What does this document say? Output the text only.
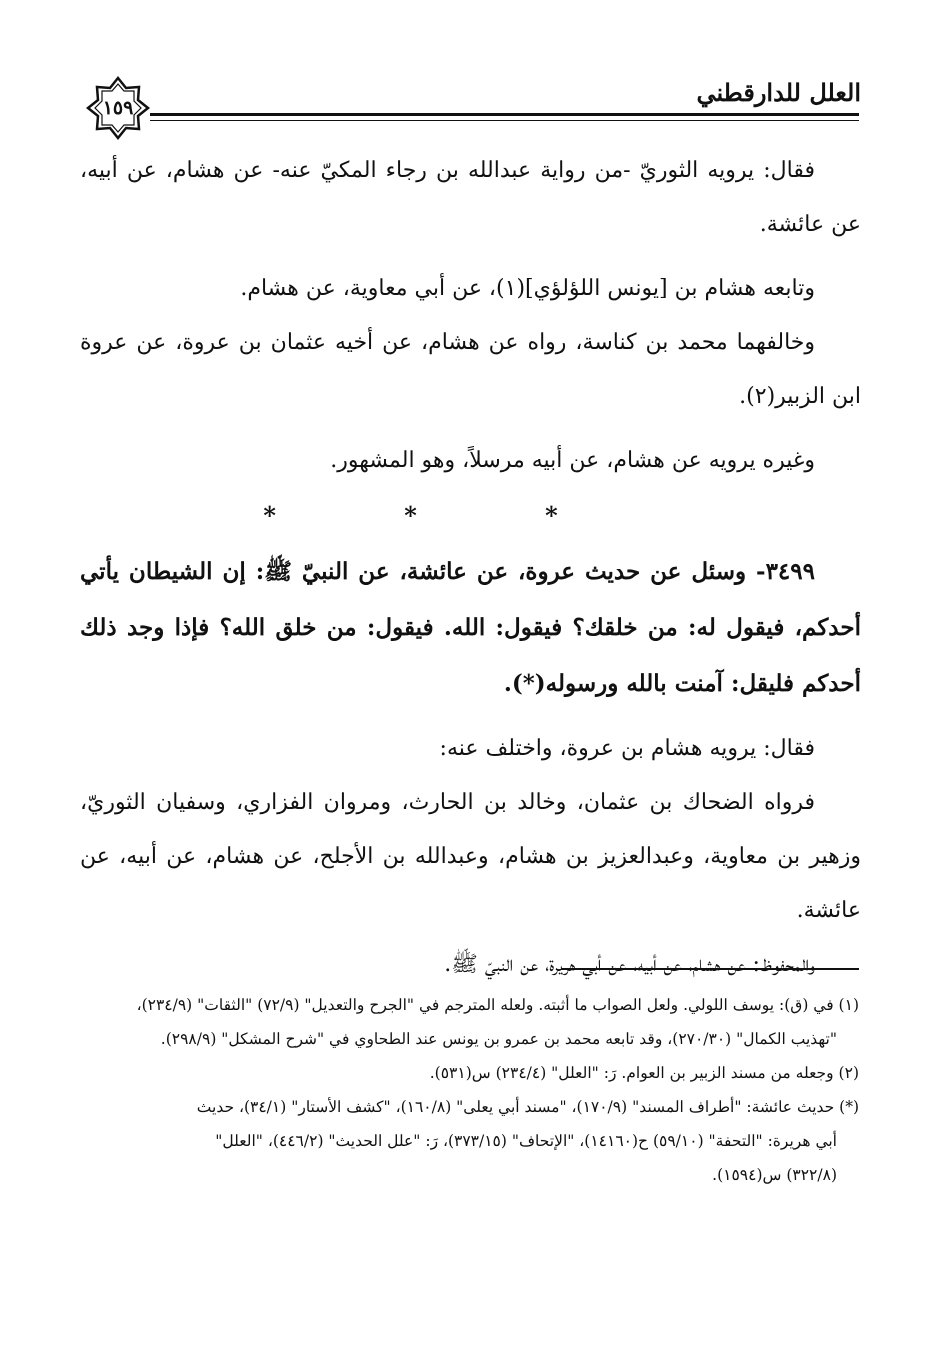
العلل للدارقطني
١٥٩

فقال: يرويه الثوريّ -من رواية عبدالله بن رجاء المكيّ عنه- عن هشام، عن أبيه، عن عائشة.

وتابعه هشام بن [يونس اللؤلؤي](١)، عن أبي معاوية، عن هشام.

وخالفهما محمد بن كناسة، رواه عن هشام، عن أخيه عثمان بن عروة، عن عروة ابن الزبير(٢).

وغيره يرويه عن هشام، عن أبيه مرسلاً، وهو المشهور.

* * *

٣٤٩٩- وسئل عن حديث عروة، عن عائشة، عن النبيّ ﷺ: إن الشيطان يأتي أحدكم، فيقول له: من خلقك؟ فيقول: الله. فيقول: من خلق الله؟ فإذا وجد ذلك أحدكم فليقل: آمنت بالله ورسوله(*).

فقال: يرويه هشام بن عروة، واختلف عنه:

فرواه الضحاك بن عثمان، وخالد بن الحارث، ومروان الفزاري، وسفيان الثوريّ، وزهير بن معاوية، وعبدالعزيز بن هشام، وعبدالله بن الأجلح، عن هشام، عن أبيه، عن عائشة.

والمحفوظ: عن هشام، عن أبيه، عن أبي هريرة، عن النبيّ ﷺ.

(١) في (ق): يوسف اللولي. ولعل الصواب ما أثبته. ولعله المترجم في "الجرح والتعديل" (٧٢/٩) "الثقات" (٢٣٤/٩)،

"تهذيب الكمال" (٢٧٠/٣٠)، وقد تابعه محمد بن عمرو بن يونس عند الطحاوي في "شرح المشكل" (٢٩٨/٩).

(٢) وجعله من مسند الزبير بن العوام. رَ: "العلل" (٢٣٤/٤) س(٥٣١).

(*) حديث عائشة: "أطراف المسند" (١٧٠/٩)، "مسند أبي يعلى" (١٦٠/٨)، "كشف الأستار" (٣٤/١)، حديث

أبي هريرة: "التحفة" (٥٩/١٠) ح(١٤١٦٠)، "الإتحاف" (٣٧٣/١٥)، رَ: "علل الحديث" (٤٤٦/٢)، "العلل"

(٣٢٢/٨) س(١٥٩٤).
